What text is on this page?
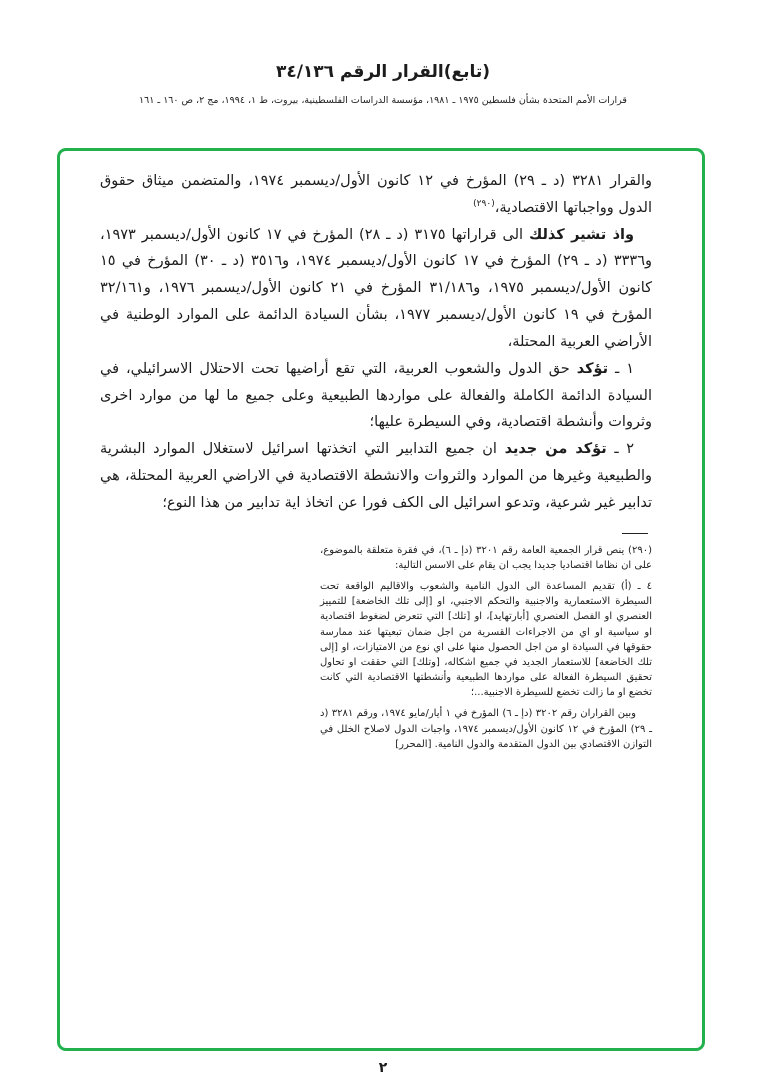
(تابع)القرار الرقم ٣٤/١٣٦
قرارات الأمم المتحدة بشأن فلسطين ١٩٧٥ ـ ١٩٨١، مؤسسة الدراسات الفلسطينية، بيروت، ط ١، ١٩٩٤، مج ٢، ص ١٦٠ ـ ١٦١

والقرار ٣٢٨١ (د ـ ٢٩) المؤرخ في ١٢ كانون الأول/ديسمبر ١٩٧٤، والمتضمن ميثاق حقوق الدول وواجباتها الاقتصادية،$^{(٢٩٠)}$

واذ تشير كذلك الى قراراتها ٣١٧٥ (د ـ ٢٨) المؤرخ في ١٧ كانون الأول/ديسمبر ١٩٧٣، و٣٣٣٦ (د ـ ٢٩) المؤرخ في ١٧ كانون الأول/ديسمبر ١٩٧٤، و٣٥١٦ (د ـ ٣٠) المؤرخ في ١٥ كانون الأول/ديسمبر ١٩٧٥، و٣١/١٨٦ المؤرخ في ٢١ كانون الأول/ديسمبر ١٩٧٦، و٣٢/١٦١ المؤرخ في ١٩ كانون الأول/ديسمبر ١٩٧٧، بشأن السيادة الدائمة على الموارد الوطنية في الأراضي العربية المحتلة،

١ ـ تؤكد حق الدول والشعوب العربية، التي تقع أراضيها تحت الاحتلال الاسرائيلي، في السيادة الدائمة الكاملة والفعالة على مواردها الطبيعية وعلى جميع ما لها من موارد اخرى وثروات وأنشطة اقتصادية، وفي السيطرة عليها؛

٢ ـ تؤكد من جديد ان جميع التدابير التي اتخذتها اسرائيل لاستغلال الموارد البشرية والطبيعية وغيرها من الموارد والثروات والانشطة الاقتصادية في الاراضي العربية المحتلة، هي تدابير غير شرعية، وتدعو اسرائيل الى الكف فورا عن اتخاذ اية تدابير من هذا النوع؛

(٢٩٠) ينص قرار الجمعية العامة رقم ٣٢٠١ (دإ ـ ٦)، في فقرة متعلقة بالموضوع، على ان نظاما اقتصاديا جديدا يجب ان يقام على الاسس التالية:

٤ ـ (أ) تقديم المساعدة الى الدول النامية والشعوب والاقاليم الواقعة تحت السيطرة الاستعمارية والاجنبية والتحكم الاجنبي، او [إلى تلك الخاضعة] للتمييز العنصري او الفصل العنصري [أبارتهايد]، او [تلك] التي تتعرض لضغوط اقتصادية او سياسية او اي من الاجراءات القسرية من اجل ضمان تبعيتها عند ممارسة حقوقها في السيادة او من اجل الحصول منها على اي نوع من الامتيازات، او [إلى تلك الخاضعة] للاستعمار الجديد في جميع اشكاله، [وتلك] التي حققت او تحاول تحقيق السيطرة الفعالة على مواردها الطبيعية وأنشطتها الاقتصادية التي كانت تخضع او ما زالت تخضع للسيطرة الاجنبية...؛

وبين القراران رقم ٣٢٠٢ (دإ ـ ٦) المؤرخ في ١ أيار/مايو ١٩٧٤، ورقم ٣٢٨١ (د ـ ٢٩) المؤرخ في ١٢ كانون الأول/ديسمبر ١٩٧٤، واجبات الدول لاصلاح الخلل في التوازن الاقتصادي بين الدول المتقدمة والدول النامية. [المحرر]

٢
